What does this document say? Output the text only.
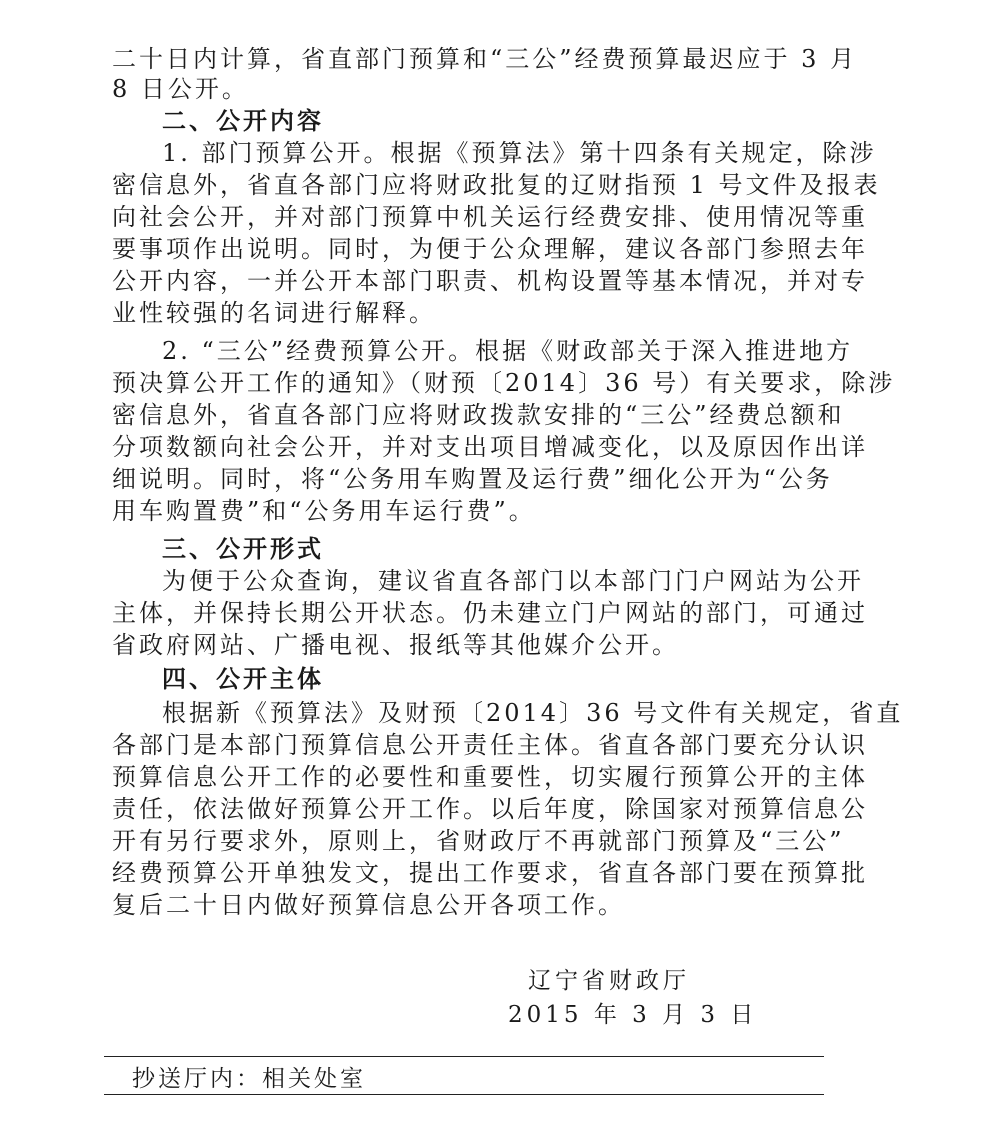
二十日内计算，省直部门预算和“三公”经费预算最迟应于 3 月
8 日公开。
二、公开内容
1. 部门预算公开。根据《预算法》第十四条有关规定，除涉
密信息外，省直各部门应将财政批复的辽财指预 1 号文件及报表
向社会公开，并对部门预算中机关运行经费安排、使用情况等重
要事项作出说明。同时，为便于公众理解，建议各部门参照去年
公开内容，一并公开本部门职责、机构设置等基本情况，并对专
业性较强的名词进行解释。
2. “三公”经费预算公开。根据《财政部关于深入推进地方
预决算公开工作的通知》（财预〔2014〕36 号）有关要求，除涉
密信息外，省直各部门应将财政拨款安排的“三公”经费总额和
分项数额向社会公开，并对支出项目增减变化，以及原因作出详
细说明。同时，将“公务用车购置及运行费”细化公开为“公务
用车购置费”和“公务用车运行费”。
三、公开形式
为便于公众查询，建议省直各部门以本部门门户网站为公开
主体，并保持长期公开状态。仍未建立门户网站的部门，可通过
省政府网站、广播电视、报纸等其他媒介公开。
四、公开主体
根据新《预算法》及财预〔2014〕36 号文件有关规定，省直
各部门是本部门预算信息公开责任主体。省直各部门要充分认识
预算信息公开工作的必要性和重要性，切实履行预算公开的主体
责任，依法做好预算公开工作。以后年度，除国家对预算信息公
开有另行要求外，原则上，省财政厅不再就部门预算及“三公”
经费预算公开单独发文，提出工作要求，省直各部门要在预算批
复后二十日内做好预算信息公开各项工作。
辽宁省财政厅
2015 年 3 月 3 日
抄送厅内：相关处室
